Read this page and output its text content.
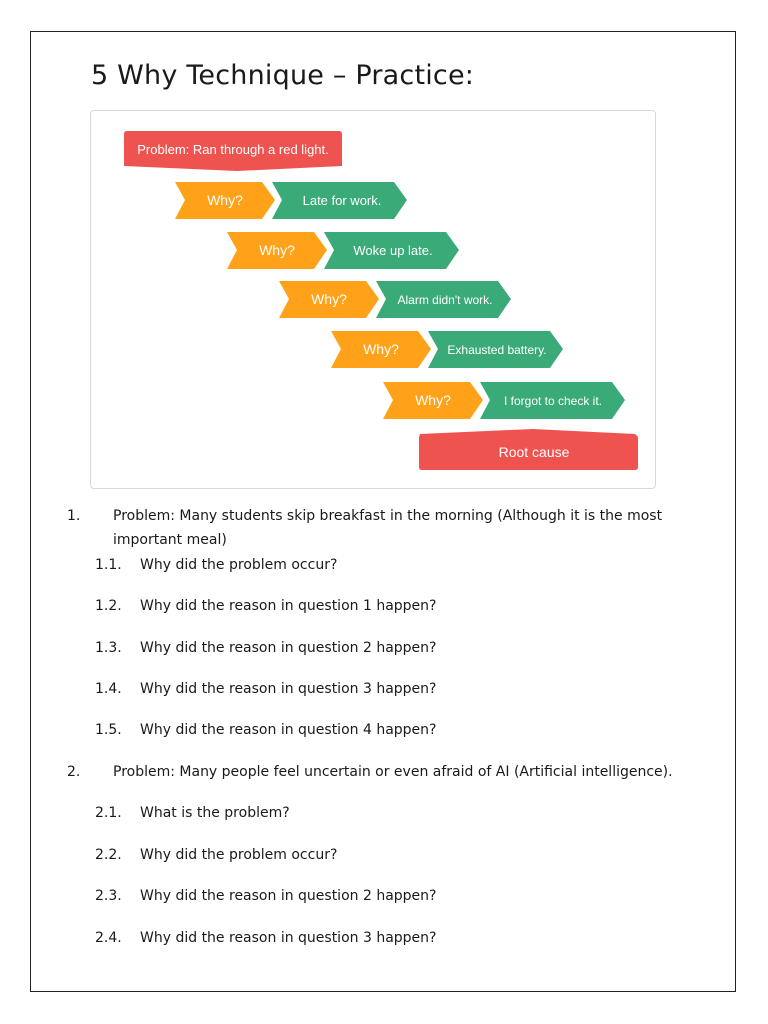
5 Why Technique – Practice:
Problem: Ran through a red light.
Why?	Late for work.
Why?	Woke up late.
Why?	Alarm didn't work.
Why?	Exhausted battery.
Why?	I forgot to check it.
Root cause
1. Problem: Many students skip breakfast in the morning (Although it is the most
important meal)
1.1. Why did the problem occur?
1.2. Why did the reason in question 1 happen?
1.3. Why did the reason in question 2 happen?
1.4. Why did the reason in question 3 happen?
1.5. Why did the reason in question 4 happen?
2. Problem: Many people feel uncertain or even afraid of AI (Artificial intelligence).
2.1. What is the problem?
2.2. Why did the problem occur?
2.3. Why did the reason in question 2 happen?
2.4. Why did the reason in question 3 happen?
